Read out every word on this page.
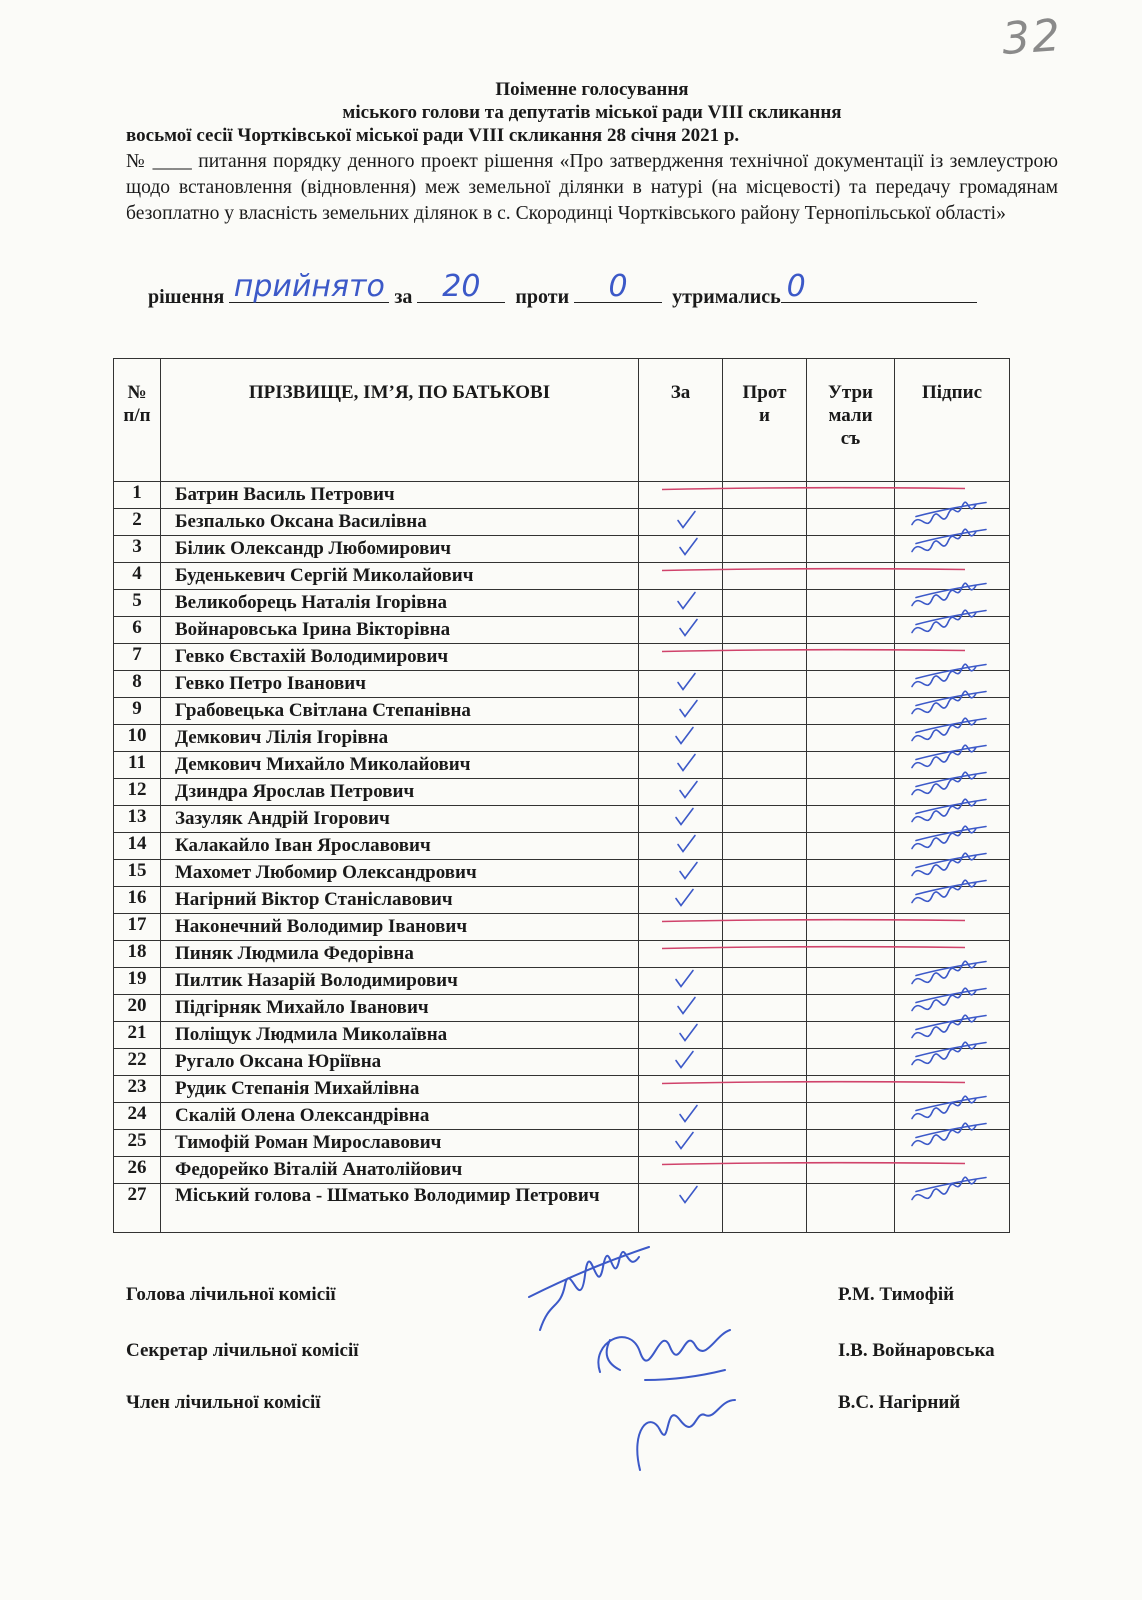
32
Поіменне голосування
міського голови та депутатів міської ради VIII скликання
восьмої сесії Чортківської міської ради VIII скликання 28 січня 2021 р.
№ ____ питання порядку денного проект рішення «Про затвердження технічної документації із землеустрою щодо встановлення (відновлення) меж земельної ділянки в натурі (на місцевості) та передачу громадянам безоплатно у власність земельних ділянок в с. Скородинці Чортківського району Тернопільської області»
рішення прийнято за 20	проти	0	утримались 0
№ п/п	ПРІЗВИЩЕ, ІМ’Я, ПО БАТЬКОВІ	За	Проти	Утрималисъ	Підпис
1	Батрин Василь Петрович				
2	Безпалько Оксана Василівна				
3	Білик Олександр Любомирович				
4	Буденькевич Сергій Миколайович				
5	Великоборець Наталія Ігорівна				
6	Войнаровська Ірина Вікторівна				
7	Гевко Євстахій Володимирович				
8	Гевко Петро Іванович				
9	Грабовецька Світлана Степанівна				
10	Демкович Лілія Ігорівна				
11	Демкович Михайло Миколайович				
12	Дзиндра Ярослав Петрович				
13	Зазуляк Андрій Ігорович				
14	Калакайло Іван Ярославович				
15	Махомет Любомир Олександрович				
16	Нагірний Віктор Станіславович				
17	Наконечний Володимир Іванович				
18	Пиняк Людмила Федорівна				
19	Пилтик Назарій Володимирович				
20	Підгірняк Михайло Іванович				
21	Поліщук Людмила Миколаївна				
22	Ругало Оксана Юріївна				
23	Рудик Степанія Михайлівна				
24	Скалій Олена Олександрівна				
25	Тимофій Роман Мирославович				
26	Федорейко Віталій Анатолійович				
27	Міський голова - Шматько Володимир Петрович				
Голова лічильної комісії	Р.М. Тимофій
Секретар лічильної комісії	І.В. Войнаровська
Член лічильної комісії	В.С. Нагірний
